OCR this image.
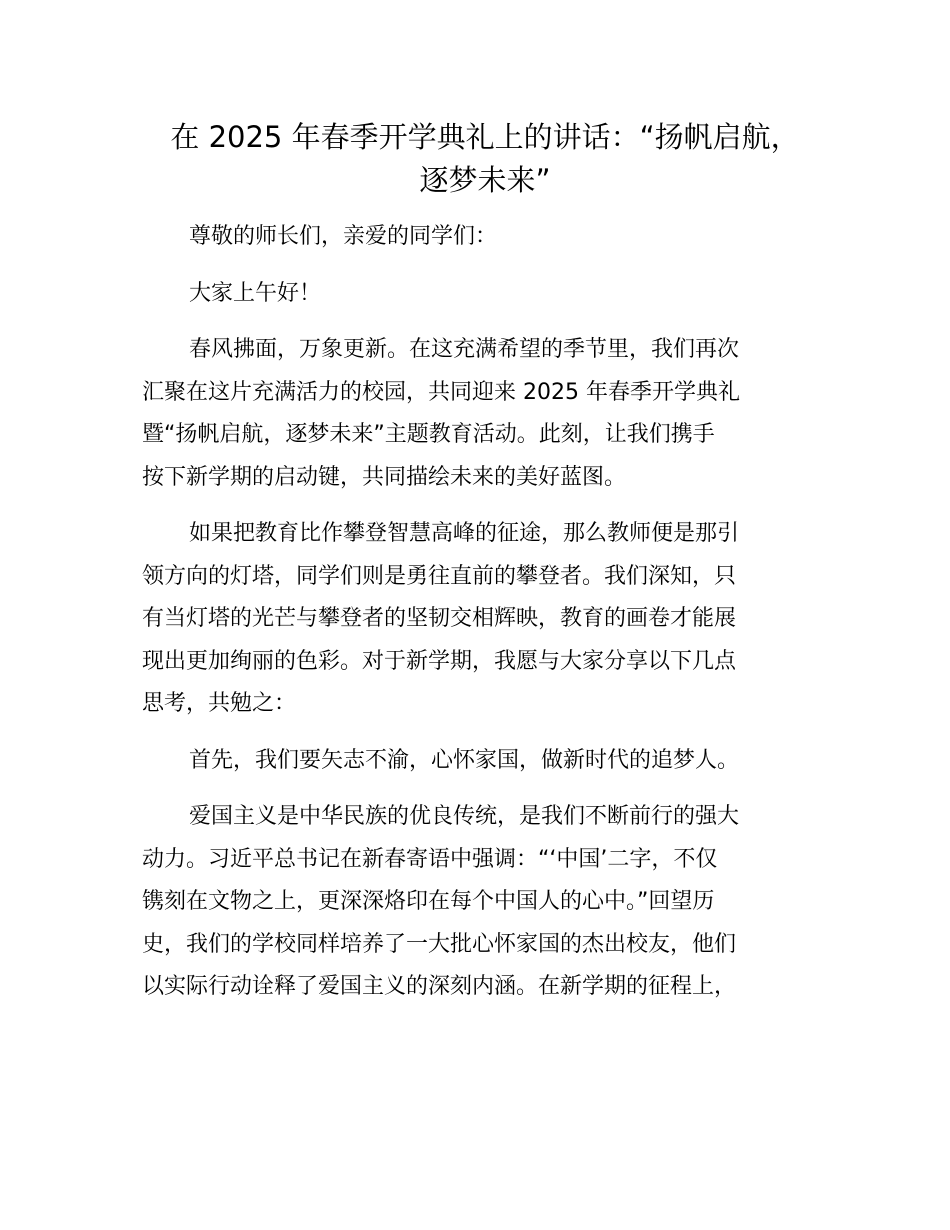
在 2025 年春季开学典礼上的讲话：“扬帆启航，
逐梦未来”

尊敬的师长们，亲爱的同学们：

大家上午好！

春风拂面，万象更新。在这充满希望的季节里，我们再次
汇聚在这片充满活力的校园，共同迎来 2025 年春季开学典礼
暨“扬帆启航，逐梦未来”主题教育活动。此刻，让我们携手
按下新学期的启动键，共同描绘未来的美好蓝图。

如果把教育比作攀登智慧高峰的征途，那么教师便是那引
领方向的灯塔，同学们则是勇往直前的攀登者。我们深知，只
有当灯塔的光芒与攀登者的坚韧交相辉映，教育的画卷才能展
现出更加绚丽的色彩。对于新学期，我愿与大家分享以下几点
思考，共勉之：

首先，我们要矢志不渝，心怀家国，做新时代的追梦人。

爱国主义是中华民族的优良传统，是我们不断前行的强大
动力。习近平总书记在新春寄语中强调：“‘中国’二字，不仅
镌刻在文物之上，更深深烙印在每个中国人的心中。”回望历
史，我们的学校同样培养了一大批心怀家国的杰出校友，他们
以实际行动诠释了爱国主义的深刻内涵。在新学期的征程上，
